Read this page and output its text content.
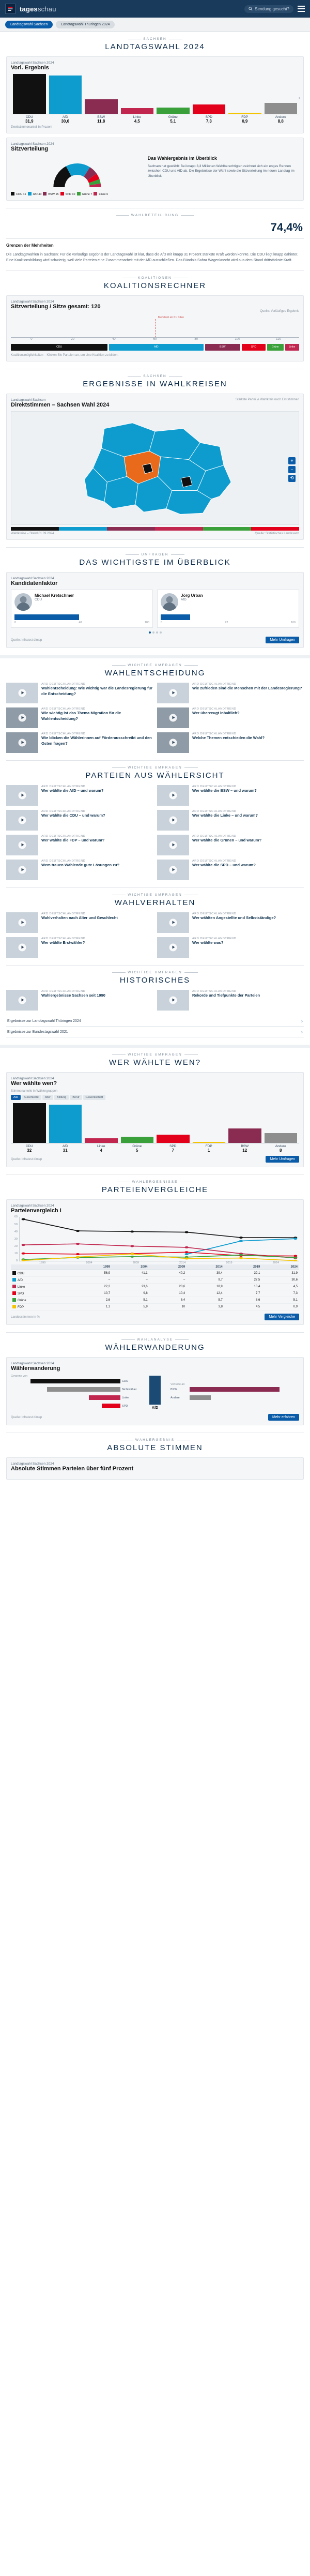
tagesschau	Sendung gesucht?
Landtagswahl Sachsen	Landtagswahl Thüringen 2024
SACHSEN
LANDTAGSWAHL 2024
Landtagswahl Sachsen 2024
Vorl. Ergebnis
CDU
31,9
AfD
30,6
BSW
11,8
Linke
4,5
Grüne
5,1
SPD
7,3
FDP
0,9
Andere
8,8
Zweitstimmenanteil in Prozent
›
Landtagswahl Sachsen 2024
Sitzverteilung
CDU 41	AfD 40	BSW 15	SPD 10	Grüne 7	Linke 6
Das Wahlergebnis im Überblick
Sachsen hat gewählt: Bei knapp 3,3 Millionen Wahlberechtigten zeichnet sich ein enges Rennen zwischen CDU und AfD ab. Die Ergebnisse der Wahl sowie die Sitzverteilung im neuen Landtag im Überblick.
WAHLBETEILIGUNG
74,4%
Grenzen der Mehrheiten
Die Landtagswahlen in Sachsen: Für die vorläufige Ergebnis der Landtagswahl ist klar, dass die AfD mit knapp 31 Prozent stärkste Kraft werden könnte. Die CDU liegt knapp dahinter. Eine Koalitionsbildung wird schwierig, weil viele Parteien eine Zusammenarbeit mit der AfD ausschließen. Das Bündnis Sahra Wagenknecht wird aus dem Stand drittstärkste Kraft.
KOALITIONEN
KOALITIONSRECHNER
Landtagswahl Sachsen 2024
Sitzverteilung / Sitze gesamt: 120
Quelle: Vorläufiges Ergebnis
Mehrheit ab 61 Sitze
0	20	40	60	80	100	120
CDU	AfD	BSW	SPD	Grüne	Linke
Koalitionsmöglichkeiten – Klicken Sie Parteien an, um eine Koalition zu bilden.
SACHSEN
ERGEBNISSE IN WAHLKREISEN
Landtagswahl Sachsen
Direktstimmen – Sachsen Wahl 2024
Stärkste Partei je Wahlkreis nach Erststimmen
+
−
⟲
Wahlkreise – Stand 01.09.2024	Quelle: Statistisches Landesamt
UMFRAGEN
DAS WICHTIGSTE IM ÜBERBLICK
Landtagswahl Sachsen 2024
Kandidatenfaktor
Michael Kretschmer
CDU
0	48	100
Jörg Urban
AfD
0	22	100
Quelle: Infratest dimap	Mehr Umfragen
WICHTIGE UMFRAGEN
WAHLENTSCHEIDUNG
ARD DEUTSCHLANDTREND
Wahlentscheidung: Wie wichtig war die Landesregierung für die Entscheidung?
ARD DEUTSCHLANDTREND
Wie zufrieden sind die Menschen mit der Landesregierung?
ARD DEUTSCHLANDTREND
Wie wichtig ist das Thema Migration für die Wahlentscheidung?
ARD DEUTSCHLANDTREND
Wer überzeugt inhaltlich?
ARD DEUTSCHLANDTREND
Wie blicken die Wählerinnen auf Förderausschreibt und den Osten fragen?
ARD DEUTSCHLANDTREND
Welche Themen entschieden die Wahl?
WICHTIGE UMFRAGEN
PARTEIEN AUS WÄHLERSICHT
ARD DEUTSCHLANDTREND
Wer wählte die AfD – und warum?
ARD DEUTSCHLANDTREND
Wer wählte die BSW – und warum?
ARD DEUTSCHLANDTREND
Wer wählte die CDU – und warum?
ARD DEUTSCHLANDTREND
Wer wählte die Linke – und warum?
ARD DEUTSCHLANDTREND
Wer wählte die FDP – und warum?
ARD DEUTSCHLANDTREND
Wer wählte die Grünen – und warum?
ARD DEUTSCHLANDTREND
Wem trauen Wählende gute Lösungen zu?
ARD DEUTSCHLANDTREND
Wer wählte die SPD – und warum?
WICHTIGE UMFRAGEN
WAHLVERHALTEN
ARD DEUTSCHLANDTREND
Wahlverhalten nach Alter und Geschlecht
ARD DEUTSCHLANDTREND
Wer wählten Angestellte und Selbstständige?
ARD DEUTSCHLANDTREND
Wer wählte Erstwähler?
ARD DEUTSCHLANDTREND
Wer wählte was?
WICHTIGE UMFRAGEN
HISTORISCHES
ARD DEUTSCHLANDTREND
Wahlergebnisse Sachsen seit 1990
ARD DEUTSCHLANDTREND
Rekorde und Tiefpunkte der Parteien
Ergebnisse zur Landtagswahl Thüringen 2024	›
Ergebnisse zur Bundestagswahl 2021	›
WICHTIGE UMFRAGEN
WER WÄHLTE WEN?
Landtagswahl Sachsen 2024
Wer wählte wen?
Stimmenanteile in Wählergruppen
Alle	Geschlecht	Alter	Bildung	Beruf	Gewerkschaft
CDU
32
AfD
31
Linke
4
Grüne
5
SPD
7
FDP
1
BSW
12
Andere
8
Quelle: Infratest dimap	Mehr Umfragen
WAHLERGEBNISSE
PARTEIENVERGLEICHE
Landtagswahl Sachsen 2024
Parteienvergleich I
60
50
40
30
20
10
0
1999	2004	2009	2014	2019	2024
	1999	2004	2009	2014	2019	2024
CDU	56,9	41,1	40,2	39,4	32,1	31,9
AfD	–	–	–	9,7	27,5	30,6
Linke	22,2	23,6	20,6	18,9	10,4	4,5
SPD	10,7	9,8	10,4	12,4	7,7	7,3
Grüne	2,6	5,1	6,4	5,7	8,6	5,1
FDP	1,1	5,9	10	3,8	4,5	0,9
Landesstimmen in %	Mehr Vergleiche
WAHLANALYSE
WÄHLERWANDERUNG
Landtagswahl Sachsen 2024
Wählerwanderung
Gewinne von
CDU
Nichtwähler
Linke
SPD
AfD
Verluste an
BSW
Andere
Quelle: Infratest dimap	Mehr erfahren
WAHLERGEBNIS
ABSOLUTE STIMMEN
Landtagswahl Sachsen 2024
Absolute Stimmen Parteien über fünf Prozent
